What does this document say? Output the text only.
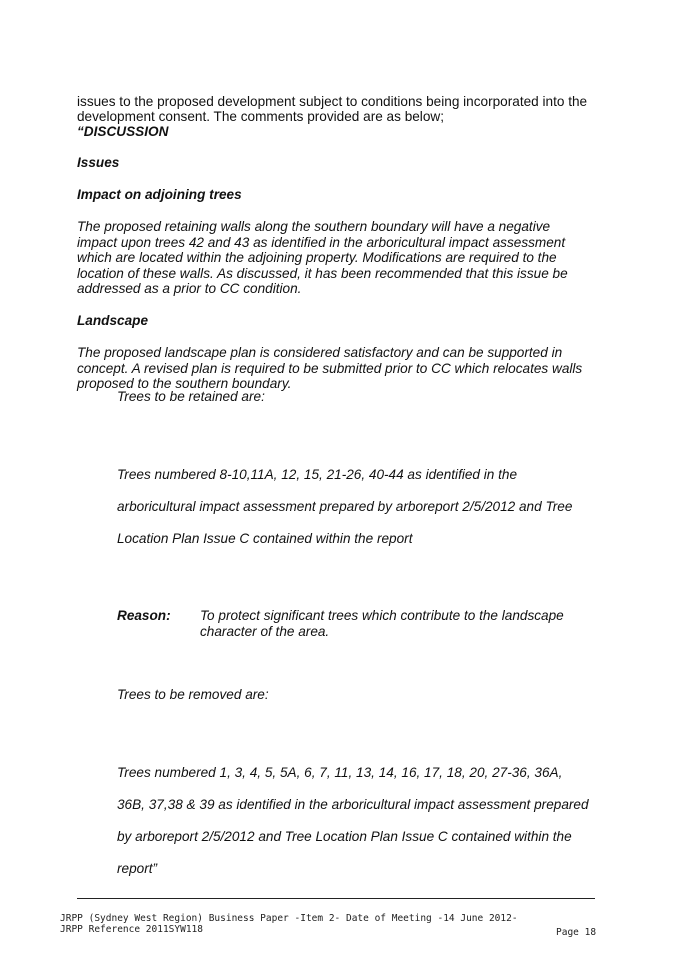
issues to the proposed development subject to conditions being incorporated into the
development consent. The comments provided are as below;
“DISCUSSION
Issues
Impact on adjoining trees
The proposed retaining walls along the southern boundary will have a negative
impact upon trees 42 and 43 as identified in the arboricultural impact assessment
which are located within the adjoining property. Modifications are required to the
location of these walls. As discussed, it has been recommended that this issue be
addressed as a prior to CC condition.
Landscape
The proposed landscape plan is considered satisfactory and can be supported in
concept. A revised plan is required to be submitted prior to CC which relocates walls
proposed to the southern boundary.
Trees to be retained are:
Trees numbered 8-10,11A, 12, 15, 21-26, 40-44 as identified in the
arboricultural impact assessment prepared by arboreport 2/5/2012 and Tree
Location Plan Issue C contained within the report
Reason: To protect significant trees which contribute to the landscape
character of the area.
Trees to be removed are:
Trees numbered 1, 3, 4, 5, 5A, 6, 7, 11, 13, 14, 16, 17, 18, 20, 27-36, 36A,
36B, 37,38 & 39 as identified in the arboricultural impact assessment prepared
by arboreport 2/5/2012 and Tree Location Plan Issue C contained within the
report”
JRPP (Sydney West Region) Business Paper -Item 2- Date of Meeting -14 June 2012-
JRPP Reference 2011SYW118	Page 18
